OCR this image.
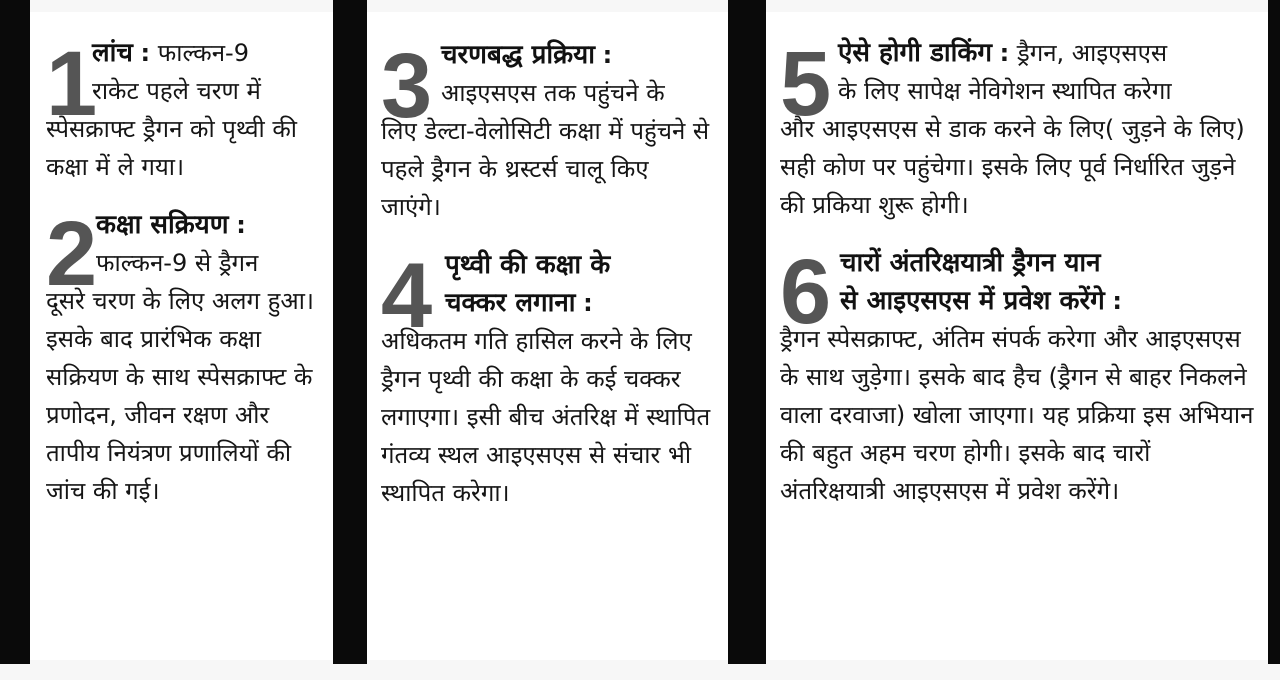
1
लांच : फाल्कन-9
राकेट पहले चरण में
स्पेसक्राफ्ट ड्रैगन को पृथ्वी की कक्षा में ले गया।
2
कक्षा सक्रियण :
फाल्कन-9 से ड्रैगन
दूसरे चरण के लिए अलग हुआ। इसके बाद प्रारंभिक कक्षा सक्रियण के साथ स्पेसक्राफ्ट के प्रणोदन, जीवन रक्षण और तापीय नियंत्रण प्रणालियों की जांच की गई।
3 चरणबद्ध प्रक्रिया :
आइएसएस तक पहुंचने के
लिए डेल्टा-वेलोसिटी कक्षा में पहुंचने से पहले ड्रैगन के थ्रस्टर्स चालू किए जाएंगे।
4 पृथ्वी की कक्षा के
चक्कर लगाना :
अधिकतम गति हासिल करने के लिए ड्रैगन पृथ्वी की कक्षा के कई चक्कर लगाएगा। इसी बीच अंतरिक्ष में स्थापित गंतव्य स्थल आइएसएस से संचार भी स्थापित करेगा।
5 ऐसे होगी डाकिंग : ड्रैगन, आइएसएस
के लिए सापेक्ष नेविगेशन स्थापित करेगा
और आइएसएस से डाक करने के लिए( जुड़ने के लिए) सही कोण पर पहुंचेगा। इसके लिए पूर्व निर्धारित जुड़ने की प्रकिया शुरू होगी।
6 चारों अंतरिक्षयात्री ड्रैगन यान
से आइएसएस में प्रवेश करेंगे :
ड्रैगन स्पेसक्राफ्ट, अंतिम संपर्क करेगा और आइएसएस के साथ जुड़ेगा। इसके बाद हैच (ड्रैगन से बाहर निकलने वाला दरवाजा) खोला जाएगा। यह प्रक्रिया इस अभियान की बहुत अहम चरण होगी। इसके बाद चारों अंतरिक्षयात्री आइएसएस में प्रवेश करेंगे।
